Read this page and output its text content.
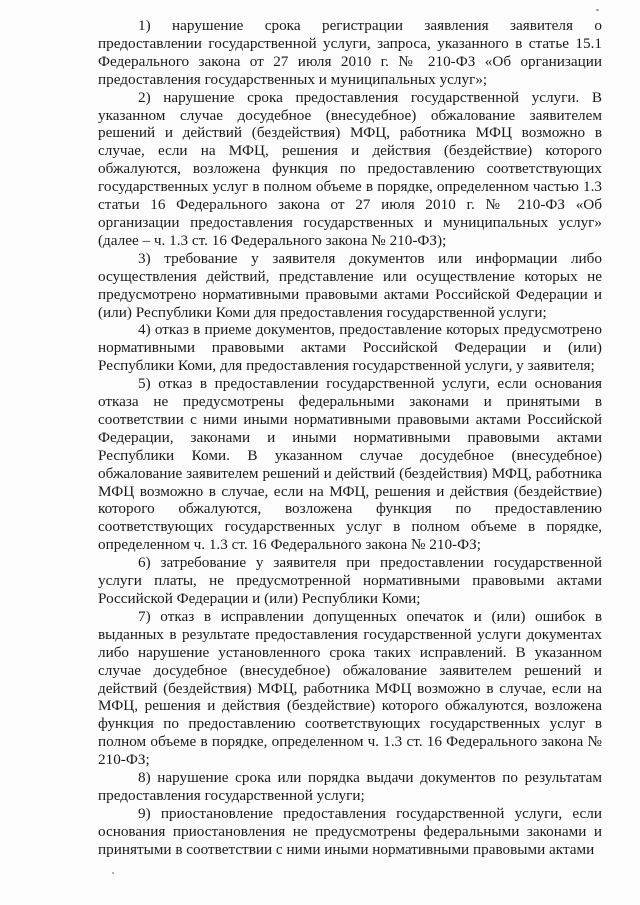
1) нарушение срока регистрации заявления заявителя о предоставлении государственной услуги, запроса, указанного в статье 15.1 Федерального закона от 27 июля 2010 г. № 210-ФЗ «Об организации предоставления государственных и муниципальных услуг»;

2) нарушение срока предоставления государственной услуги. В указанном случае досудебное (внесудебное) обжалование заявителем решений и действий (бездействия) МФЦ, работника МФЦ возможно в случае, если на МФЦ, решения и действия (бездействие) которого обжалуются, возложена функция по предоставлению соответствующих государственных услуг в полном объеме в порядке, определенном частью 1.3 статьи 16 Федерального закона от 27 июля 2010 г. № 210-ФЗ «Об организации предоставления государственных и муниципальных услуг» (далее – ч. 1.3 ст. 16 Федерального закона № 210-ФЗ);

3) требование у заявителя документов или информации либо осуществления действий, представление или осуществление которых не предусмотрено нормативными правовыми актами Российской Федерации и (или) Республики Коми для предоставления государственной услуги;

4) отказ в приеме документов, предоставление которых предусмотрено нормативными правовыми актами Российской Федерации и (или) Республики Коми, для предоставления государственной услуги, у заявителя;

5) отказ в предоставлении государственной услуги, если основания отказа не предусмотрены федеральными законами и принятыми в соответствии с ними иными нормативными правовыми актами Российской Федерации, законами и иными нормативными правовыми актами Республики Коми. В указанном случае досудебное (внесудебное) обжалование заявителем решений и действий (бездействия) МФЦ, работника МФЦ возможно в случае, если на МФЦ, решения и действия (бездействие) которого обжалуются, возложена функция по предоставлению соответствующих государственных услуг в полном объеме в порядке, определенном ч. 1.3 ст. 16 Федерального закона № 210-ФЗ;

6) затребование у заявителя при предоставлении государственной услуги платы, не предусмотренной нормативными правовыми актами Российской Федерации и (или) Республики Коми;

7) отказ в исправлении допущенных опечаток и (или) ошибок в выданных в результате предоставления государственной услуги документах либо нарушение установленного срока таких исправлений. В указанном случае досудебное (внесудебное) обжалование заявителем решений и действий (бездействия) МФЦ, работника МФЦ возможно в случае, если на МФЦ, решения и действия (бездействие) которого обжалуются, возложена функция по предоставлению соответствующих государственных услуг в полном объеме в порядке, определенном ч. 1.3 ст. 16 Федерального закона № 210-ФЗ;

8) нарушение срока или порядка выдачи документов по результатам предоставления государственной услуги;

9) приостановление предоставления государственной услуги, если основания приостановления не предусмотрены федеральными законами и принятыми в соответствии с ними иными нормативными правовыми актами
